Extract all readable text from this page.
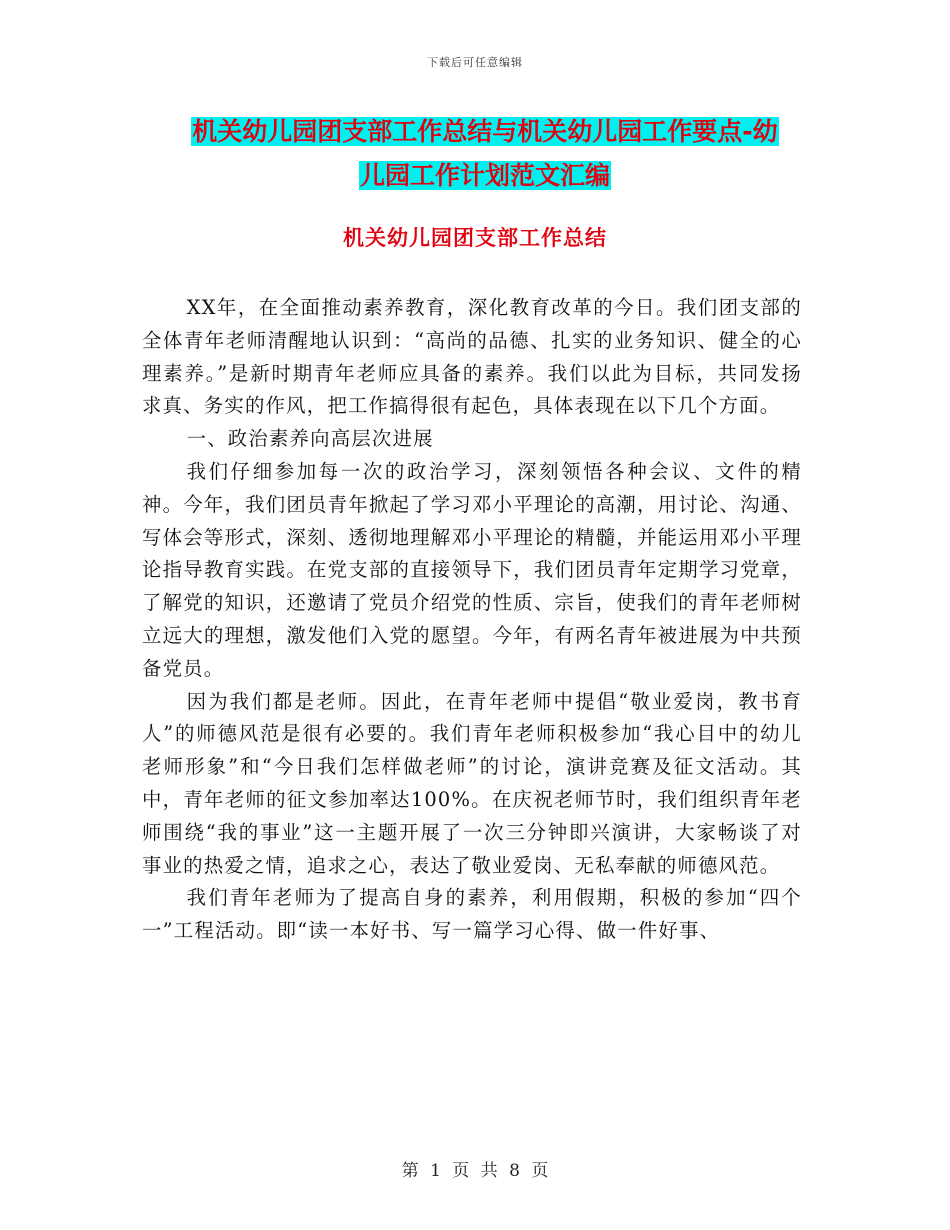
下载后可任意编辑
机关幼儿园团支部工作总结与机关幼儿园工作要点-幼
儿园工作计划范文汇编
机关幼儿园团支部工作总结

XX年，在全面推动素养教育，深化教育改革的今日。我们团支部的全体青年老师清醒地认识到：“高尚的品德、扎实的业务知识、健全的心理素养。”是新时期青年老师应具备的素养。我们以此为目标，共同发扬求真、务实的作风，把工作搞得很有起色，具体表现在以下几个方面。

一、政治素养向高层次进展

我们仔细参加每一次的政治学习，深刻领悟各种会议、文件的精神。今年，我们团员青年掀起了学习邓小平理论的高潮，用讨论、沟通、写体会等形式，深刻、透彻地理解邓小平理论的精髓，并能运用邓小平理论指导教育实践。在党支部的直接领导下，我们团员青年定期学习党章，了解党的知识，还邀请了党员介绍党的性质、宗旨，使我们的青年老师树立远大的理想，激发他们入党的愿望。今年，有两名青年被进展为中共预备党员。

因为我们都是老师。因此，在青年老师中提倡“敬业爱岗，教书育人”的师德风范是很有必要的。我们青年老师积极参加“我心目中的幼儿老师形象”和“今日我们怎样做老师”的讨论，演讲竞赛及征文活动。其中，青年老师的征文参加率达100%。在庆祝老师节时，我们组织青年老师围绕“我的事业”这一主题开展了一次三分钟即兴演讲，大家畅谈了对事业的热爱之情，追求之心，表达了敬业爱岗、无私奉献的师德风范。

我们青年老师为了提高自身的素养，利用假期，积极的参加“四个一”工程活动。即“读一本好书、写一篇学习心得、做一件好事、

第 1 页 共 8 页
